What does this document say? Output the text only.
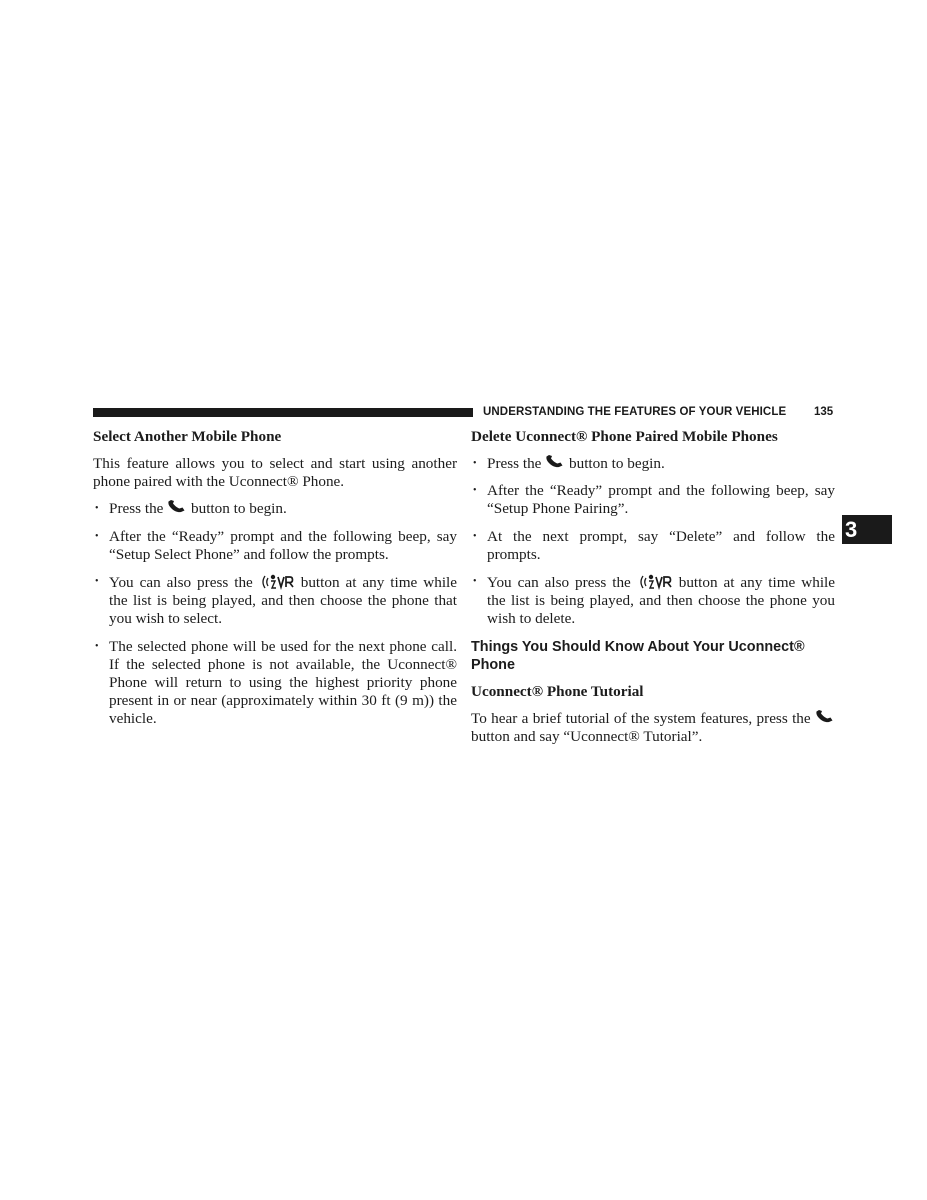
UNDERSTANDING THE FEATURES OF YOUR VEHICLE 135
3
Select Another Mobile Phone

This feature allows you to select and start using another phone paired with the Uconnect® Phone.

• Press the button to begin.
• After the “Ready” prompt and the following beep, say “Setup Select Phone” and follow the prompts.
• You can also press the	button at any time while the list is being played, and then choose the phone that you wish to select.
• The selected phone will be used for the next phone call. If the selected phone is not available, the Uconnect® Phone will return to using the highest priority phone present in or near (approximately within 30 ft (9 m)) the vehicle.
Delete Uconnect® Phone Paired Mobile Phones
• Press the button to begin.
• After the “Ready” prompt and the following beep, say “Setup Phone Pairing”.
• At the next prompt, say “Delete” and follow the prompts.
• You can also press the	button at any time while the list is being played, and then choose the phone you wish to delete.
Things You Should Know About Your Uconnect® Phone
Uconnect® Phone Tutorial

To hear a brief tutorial of the system features, press the  button and say “Uconnect® Tutorial”.
